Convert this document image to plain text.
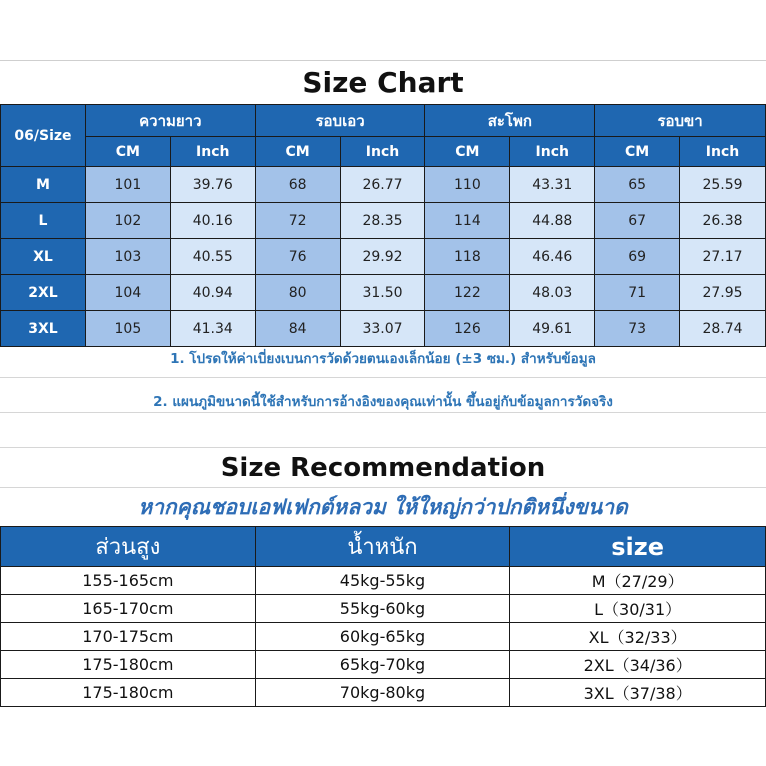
Size Chart
06/Size	ความยาว		รอบเอว		สะโพก		รอบขา	
	CM	Inch	CM	Inch	CM	Inch	CM	Inch
M	101	39.76	68	26.77	110	43.31	65	25.59
L	102	40.16	72	28.35	114	44.88	67	26.38
XL	103	40.55	76	29.92	118	46.46	69	27.17
2XL	104	40.94	80	31.50	122	48.03	71	27.95
3XL	105	41.34	84	33.07	126	49.61	73	28.74
1. โปรดให้ค่าเบี่ยงเบนการวัดด้วยตนเองเล็กน้อย (±3 ซม.) สำหรับข้อมูล
2. แผนภูมิขนาดนี้ใช้สำหรับการอ้างอิงของคุณเท่านั้น ขึ้นอยู่กับข้อมูลการวัดจริง
Size Recommendation
หากคุณชอบเอฟเฟกต์หลวม ให้ใหญ่กว่าปกติหนึ่งขนาด
ส่วนสูง	น้ำหนัก	size
155-165cm	45kg-55kg	M（27/29）
165-170cm	55kg-60kg	L（30/31）
170-175cm	60kg-65kg	XL（32/33）
175-180cm	65kg-70kg	2XL（34/36）
175-180cm	70kg-80kg	3XL（37/38）
